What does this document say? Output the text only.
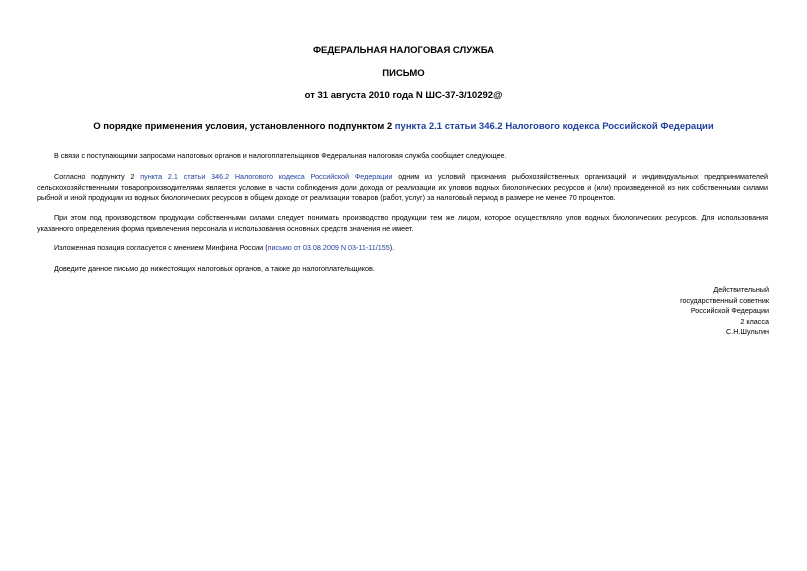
ФЕДЕРАЛЬНАЯ НАЛОГОВАЯ СЛУЖБА
ПИСЬМО
от 31 августа 2010 года N ШС-37-3/10292@
О порядке применения условия, установленного подпунктом 2 пункта 2.1 статьи 346.2 Налогового кодекса Российской Федерации

В связи с поступающими запросами налоговых органов и налогоплательщиков Федеральная налоговая служба сообщает следующее.

Согласно подпункту 2 пункта 2.1 статьи 346.2 Налогового кодекса Российской Федерации одним из условий признания рыбохозяйственных организаций и индивидуальных предпринимателей сельскохозяйственными товаропроизводителями является условие в части соблюдения доли дохода от реализации их уловов водных биологических ресурсов и (или) произведенной из них собственными силами рыбной и иной продукции из водных биологических ресурсов в общем доходе от реализации товаров (работ, услуг) за налоговый период в размере не менее 70 процентов.

При этом под производством продукции собственными силами следует понимать производство продукции тем же лицом, которое осуществляло улов водных биологических ресурсов. Для использования указанного определения форма привлечения персонала и использования основных средств значения не имеет.

Изложенная позиция согласуется с мнением Минфина России (письмо от 03.08.2009 N 03-11-11/155).

Доведите данное письмо до нижестоящих налоговых органов, а также до налогоплательщиков.

Действительный
государственный советник
Российской Федерации
2 класса
С.Н.Шульгин
